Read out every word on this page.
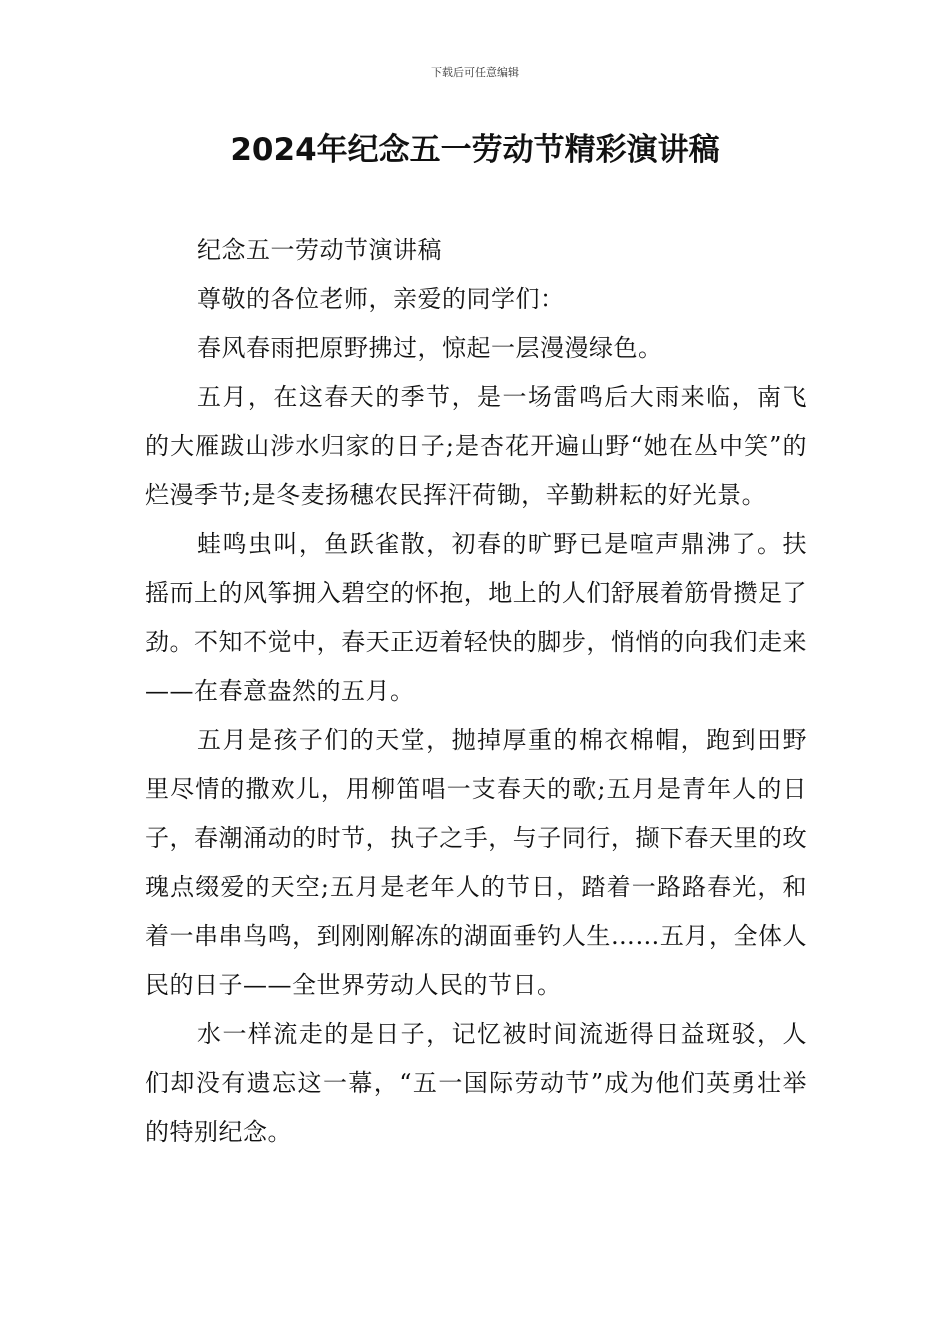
下载后可任意编辑
2024年纪念五一劳动节精彩演讲稿

纪念五一劳动节演讲稿

尊敬的各位老师，亲爱的同学们：

春风春雨把原野拂过，惊起一层漫漫绿色。

五月，在这春天的季节，是一场雷鸣后大雨来临，南飞的大雁跋山涉水归家的日子;是杏花开遍山野“她在丛中笑”的烂漫季节;是冬麦扬穗农民挥汗荷锄，辛勤耕耘的好光景。

蛙鸣虫叫，鱼跃雀散，初春的旷野已是喧声鼎沸了。扶摇而上的风筝拥入碧空的怀抱，地上的人们舒展着筋骨攒足了劲。不知不觉中，春天正迈着轻快的脚步，悄悄的向我们走来——在春意盎然的五月。

五月是孩子们的天堂，抛掉厚重的棉衣棉帽，跑到田野里尽情的撒欢儿，用柳笛唱一支春天的歌;五月是青年人的日子，春潮涌动的时节，执子之手，与子同行，撷下春天里的玫瑰点缀爱的天空;五月是老年人的节日，踏着一路路春光，和着一串串鸟鸣，到刚刚解冻的湖面垂钓人生……五月，全体人民的日子——全世界劳动人民的节日。

水一样流走的是日子，记忆被时间流逝得日益斑驳，人们却没有遗忘这一幕，“五一国际劳动节”成为他们英勇壮举的特别纪念。
